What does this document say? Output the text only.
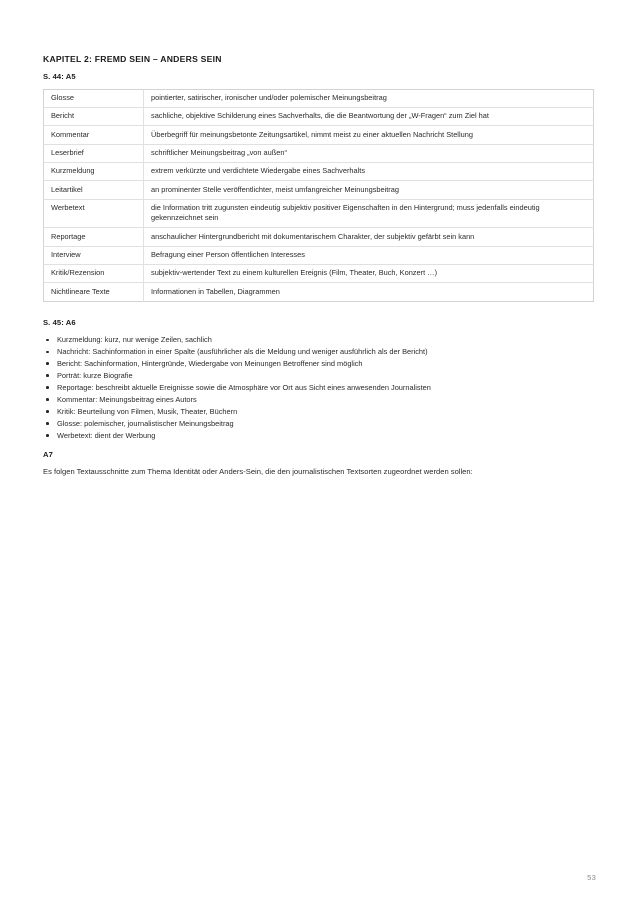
KAPITEL 2: FREMD SEIN – ANDERS SEIN
S. 44: A5
Glosse	pointierter, satirischer, ironischer und/oder polemischer Meinungsbeitrag
Bericht	sachliche, objektive Schilderung eines Sachverhalts, die die Beantwortung der „W-Fragen“ zum Ziel hat
Kommentar	Überbegriff für meinungsbetonte Zeitungsartikel, nimmt meist zu einer aktuellen Nachricht Stellung
Leserbrief	schriftlicher Meinungsbeitrag „von außen“
Kurzmeldung	extrem verkürzte und verdichtete Wiedergabe eines Sachverhalts
Leitartikel	an prominenter Stelle veröffentlichter, meist umfangreicher Meinungsbeitrag
Werbetext	die Information tritt zugunsten eindeutig subjektiv positiver Eigenschaften in den Hintergrund; muss jedenfalls eindeutig gekennzeichnet sein
Reportage	anschaulicher Hintergrundbericht mit dokumentarischem Charakter, der subjektiv gefärbt sein kann
Interview	Befragung einer Person öffentlichen Interesses
Kritik/Rezension	subjektiv-wertender Text zu einem kulturellen Ereignis (Film, Theater, Buch, Konzert …)
Nichtlineare Texte	Informationen in Tabellen, Diagrammen
S. 45: A6
Kurzmeldung: kurz, nur wenige Zeilen, sachlich
Nachricht: Sachinformation in einer Spalte (ausführlicher als die Meldung und weniger ausführlich als der Bericht)
Bericht: Sachinformation, Hintergründe, Wiedergabe von Meinungen Betroffener sind möglich
Porträt: kurze Biografie
Reportage: beschreibt aktuelle Ereignisse sowie die Atmosphäre vor Ort aus Sicht eines anwesenden Journalisten
Kommentar: Meinungsbeitrag eines Autors
Kritik: Beurteilung von Filmen, Musik, Theater, Büchern
Glosse: polemischer, journalistischer Meinungsbeitrag
Werbetext: dient der Werbung
A7

Es folgen Textausschnitte zum Thema Identität oder Anders-Sein, die den journalistischen Textsorten zugeordnet werden sollen:

53
